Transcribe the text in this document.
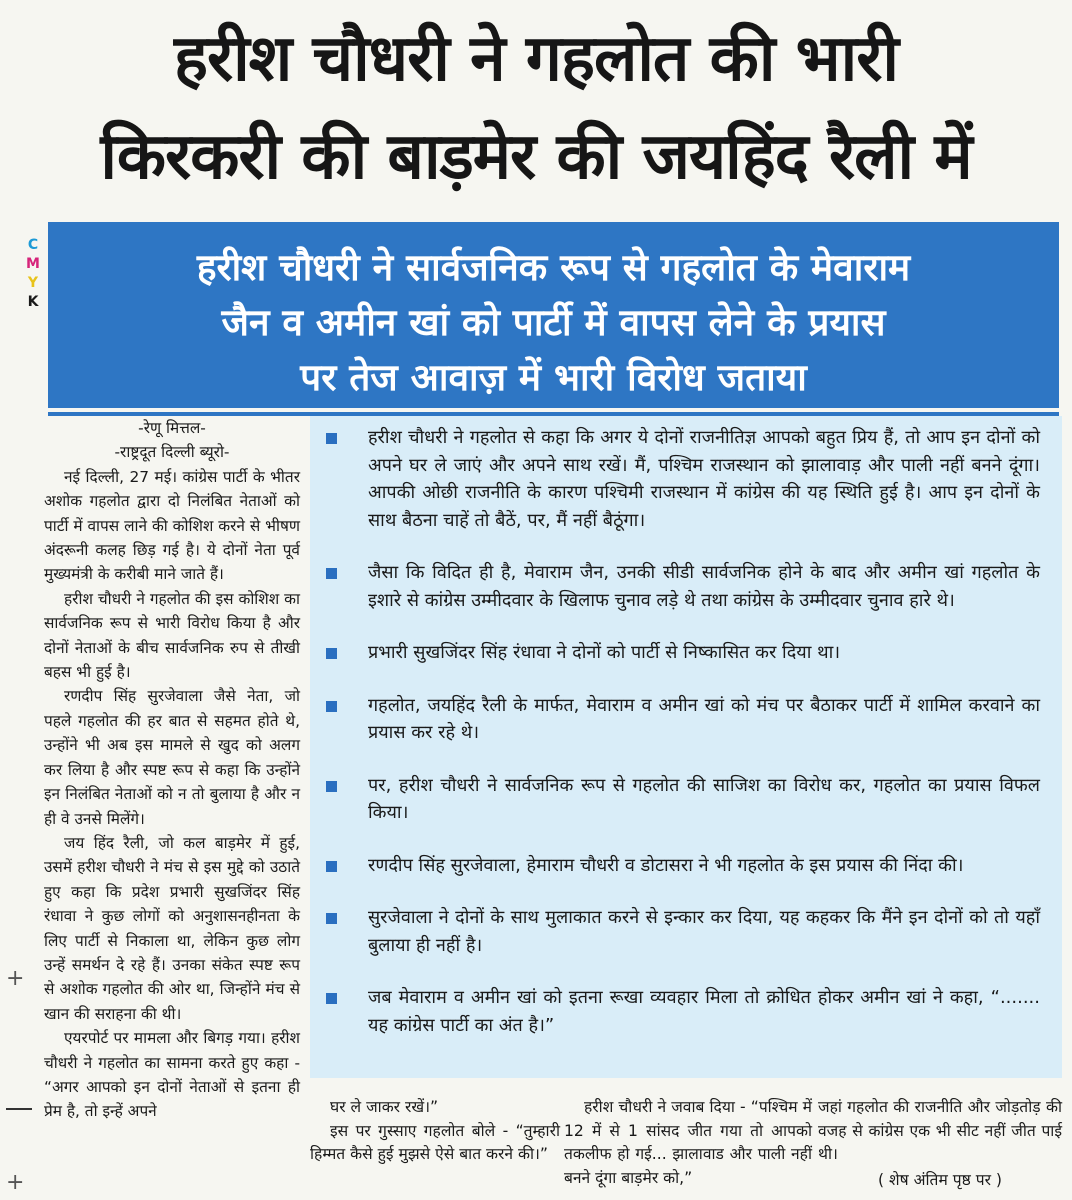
हरीश चौधरी ने गहलोत की भारी
किरकरी की बाड़मेर की जयहिंद रैली में
C
M
Y
K
हरीश चौधरी ने सार्वजनिक रूप से गहलोत के मेवाराम
जैन व अमीन खां को पार्टी में वापस लेने के प्रयास
पर तेज आवाज़ में भारी विरोध जताया
-रेणू मित्तल-
-राष्ट्रदूत दिल्ली ब्यूरो-

नई दिल्ली, 27 मई। कांग्रेस पार्टी के भीतर अशोक गहलोत द्वारा दो निलंबित नेताओं को पार्टी में वापस लाने की कोशिश करने से भीषण अंदरूनी कलह छिड़ गई है। ये दोनों नेता पूर्व मुख्यमंत्री के करीबी माने जाते हैं।

हरीश चौधरी ने गहलोत की इस कोशिश का सार्वजनिक रूप से भारी विरोध किया है और दोनों नेताओं के बीच सार्वजनिक रुप से तीखी बहस भी हुई है।

रणदीप सिंह सुरजेवाला जैसे नेता, जो पहले गहलोत की हर बात से सहमत होते थे, उन्होंने भी अब इस मामले से खुद को अलग कर लिया है और स्पष्ट रूप से कहा कि उन्होंने इन निलंबित नेताओं को न तो बुलाया है और न ही वे उनसे मिलेंगे।

जय हिंद रैली, जो कल बाड़मेर में हुई, उसमें हरीश चौधरी ने मंच से इस मुद्दे को उठाते हुए कहा कि प्रदेश प्रभारी सुखजिंदर सिंह रंधावा ने कुछ लोगों को अनुशासनहीनता के लिए पार्टी से निकाला था, लेकिन कुछ लोग उन्हें समर्थन दे रहे हैं। उनका संकेत स्पष्ट रूप से अशोक गहलोत की ओर था, जिन्होंने मंच से खान की सराहना की थी।

एयरपोर्ट पर मामला और बिगड़ गया। हरीश चौधरी ने गहलोत का सामना करते हुए कहा - “अगर आपको इन दोनों नेताओं से इतना ही प्रेम है, तो इन्हें अपने

हरीश चौधरी ने गहलोत से कहा कि अगर ये दोनों राजनीतिज्ञ आपको बहुत प्रिय हैं, तो आप इन दोनों को अपने घर ले जाएं और अपने साथ रखें। मैं, पश्चिम राजस्थान को झालावाड़ और पाली नहीं बनने दूंगा। आपकी ओछी राजनीति के कारण पश्चिमी राजस्थान में कांग्रेस की यह स्थिति हुई है। आप इन दोनों के साथ बैठना चाहें तो बैठें, पर, मैं नहीं बैठूंगा।
जैसा कि विदित ही है, मेवाराम जैन, उनकी सीडी सार्वजनिक होने के बाद और अमीन खां गहलोत के इशारे से कांग्रेस उम्मीदवार के खिलाफ चुनाव लड़े थे तथा कांग्रेस के उम्मीदवार चुनाव हारे थे।
प्रभारी सुखजिंदर सिंह रंधावा ने दोनों को पार्टी से निष्कासित कर दिया था।
गहलोत, जयहिंद रैली के मार्फत, मेवाराम व अमीन खां को मंच पर बैठाकर पार्टी में शामिल करवाने का प्रयास कर रहे थे।
पर, हरीश चौधरी ने सार्वजनिक रूप से गहलोत की साजिश का विरोध कर, गहलोत का प्रयास विफल किया।
रणदीप सिंह सुरजेवाला, हेमाराम चौधरी व डोटासरा ने भी गहलोत के इस प्रयास की निंदा की।
सुरजेवाला ने दोनों के साथ मुलाकात करने से इन्कार कर दिया, यह कहकर कि मैंने इन दोनों को तो यहाँ बुलाया ही नहीं है।
जब मेवाराम व अमीन खां को इतना रूखा व्यवहार मिला तो क्रोधित होकर अमीन खां ने कहा, “....... यह कांग्रेस पार्टी का अंत है।”

घर ले जाकर रखें।”

इस पर गुस्साए गहलोत बोले - “तुम्हारी हिम्मत कैसे हुई मुझसे ऐसे बात करने की।”

हरीश चौधरी ने जवाब दिया - “पश्चिम में 12 में से 1 सांसद जीत गया तो आपको तकलीफ हो गई... झालावाड और पाली नहीं बनने दूंगा बाड़मेर को,”

जहां गहलोत की राजनीति और जोड़तोड़ की वजह से कांग्रेस एक भी सीट नहीं जीत पाई थी।

( शेष अंतिम पृष्ठ पर )
+
+
